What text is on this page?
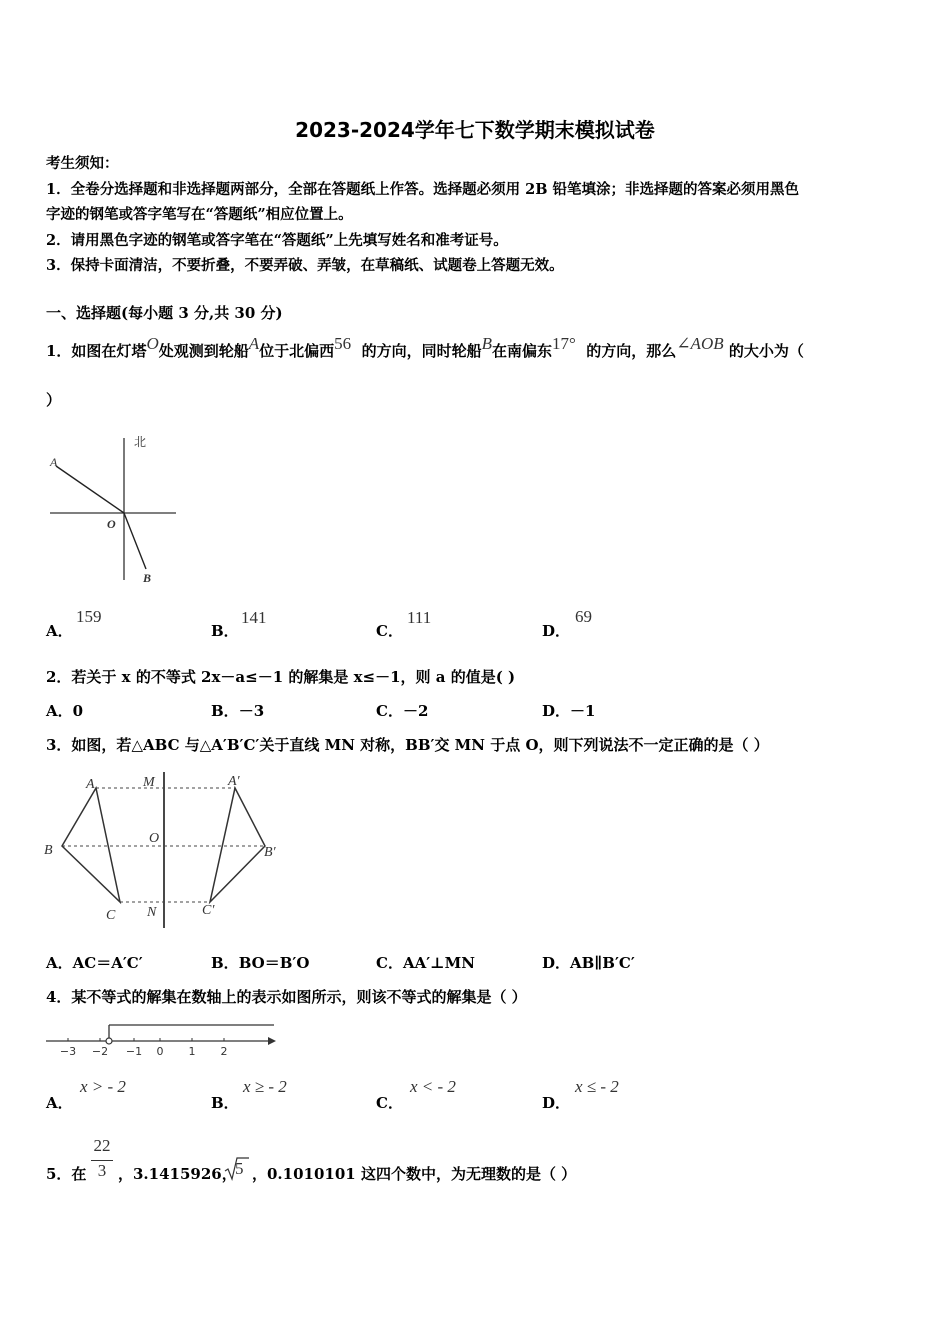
2023-2024学年七下数学期末模拟试卷
考生须知：
1．全卷分选择题和非选择题两部分，全部在答题纸上作答。选择题必须用 2B 铅笔填涂；非选择题的答案必须用黑色
字迹的钢笔或答字笔写在“答题纸”相应位置上。
2．请用黑色字迹的钢笔或答字笔在“答题纸”上先填写姓名和准考证号。
3．保持卡面清洁，不要折叠，不要弄破、弄皱，在草稿纸、试题卷上答题无效。
一、选择题(每小题 3 分,共 30 分)
1．如图在灯塔O处观测到轮船A位于北偏西56 的方向，同时轮船B在南偏东17° 的方向，那么∠AOB 的大小为（
）
北
A
O
B
A．
159
B．
141
C．
111
D．
69
2．若关于 x 的不等式 2x－a≤－1 的解集是 x≤－1，则 a 的值是( )
A．0	B．－3	C．－2	D．－1
3．如图，若△ABC 与△A′B′C′关于直线 MN 对称，BB′交 MN 于点 O，则下列说法不一定正确的是（ ）
A
B
C
M
O
N
A′
B′
C′
A．AC＝A′C′	B．BO＝B′O	C．AA′⊥MN	D．AB∥B′C′
4．某不等式的解集在数轴上的表示如图所示，则该不等式的解集是（ ）
−3 −2 −1 0 1 2
A．
x > - 2
B．
x ≥ - 2
C．
x < - 2
D．
x ≤ - 2
5．在
22
3 ，3.1415926，
5 ，0.1010101 这四个数中，为无理数的是（ ）
